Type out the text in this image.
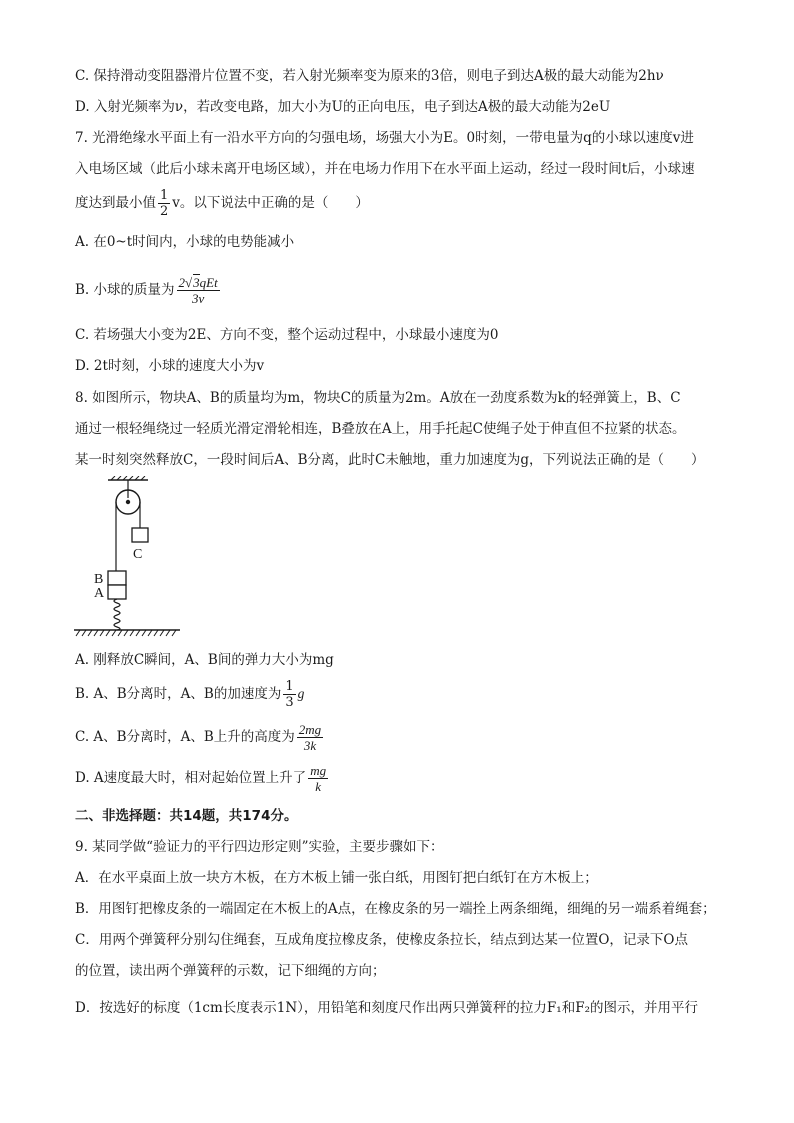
C. 保持滑动变阻器滑片位置不变，若入射光频率变为原来的3倍，则电子到达A极的最大动能为2hν
D. 入射光频率为ν，若改变电路，加大小为U的正向电压，电子到达A极的最大动能为2eU
7. 光滑绝缘水平面上有一沿水平方向的匀强电场，场强大小为E。0时刻，一带电量为q的小球以速度v进
入电场区域（此后小球未离开电场区域），并在电场力作用下在水平面上运动，经过一段时间t后，小球速
度达到最小值 $\frac{1}{2}$ v。以下说法中正确的是（　　）
A. 在0~t时间内，小球的电势能减小
B. 小球的质量为 $\frac{\text{2√3qEt}}{3v}$
C. 若场强大小变为2E、方向不变，整个运动过程中，小球最小速度为0
D. 2t时刻，小球的速度大小为v
8. 如图所示，物块A、B的质量均为m，物块C的质量为2m。A放在一劲度系数为k的轻弹簧上，B、C
通过一根轻绳绕过一轻质光滑定滑轮相连，B叠放在A上，用手托起C使绳子处于伸直但不拉紧的状态。
某一时刻突然释放C，一段时间后A、B分离，此时C未触地，重力加速度为g，下列说法正确的是（　　）
C
B
A
A. 刚释放C瞬间，A、B间的弹力大小为mg
B. A、B分离时，A、B的加速度为 $\frac{1}{3}$ g
C. A、B分离时，A、B上升的高度为 $\frac{2mg}{3k}$
D. A速度最大时，相对起始位置上升了 $\frac{mg}{k}$
二、非选择题：共14题，共174分。
9. 某同学做“验证力的平行四边形定则”实验，主要步骤如下：
A．在水平桌面上放一块方木板，在方木板上铺一张白纸，用图钉把白纸钉在方木板上；
B．用图钉把橡皮条的一端固定在木板上的A点，在橡皮条的另一端拴上两条细绳，细绳的另一端系着绳套；
C．用两个弹簧秤分别勾住绳套，互成角度拉橡皮条，使橡皮条拉长，结点到达某一位置O，记录下O点
的位置，读出两个弹簧秤的示数，记下细绳的方向；
D．按选好的标度（1cm长度表示1N），用铅笔和刻度尺作出两只弹簧秤的拉力F₁和F₂的图示，并用平行
